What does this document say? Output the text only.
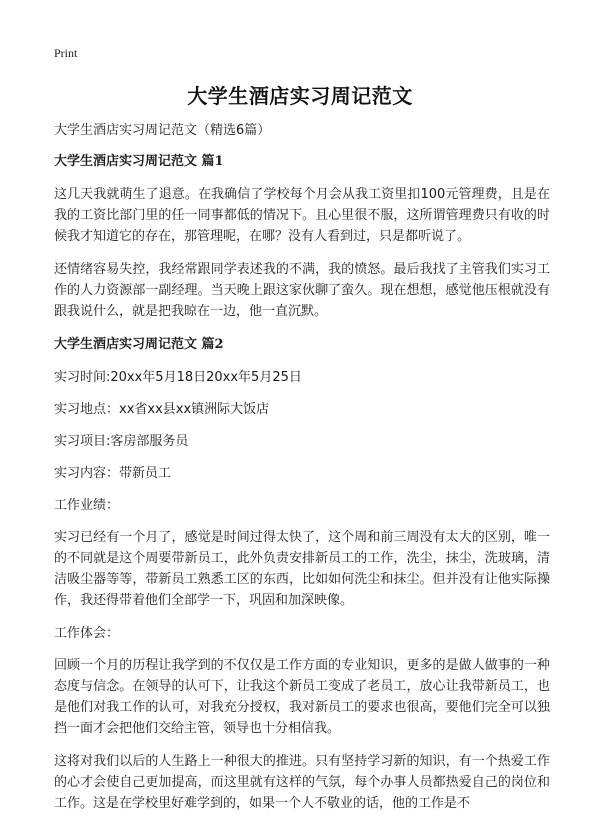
Print
大学生酒店实习周记范文

大学生酒店实习周记范文（精选6篇）

大学生酒店实习周记范文 篇1

这几天我就萌生了退意。在我确信了学校每个月会从我工资里扣100元管理费，且是在我的工资比部门里的任一同事都低的情况下。且心里很不服，这所谓管理费只有收的时候我才知道它的存在，那管理呢，在哪？没有人看到过，只是都听说了。

还情绪容易失控，我经常跟同学表述我的不满，我的愤怒。最后我找了主管我们实习工作的人力资源部一副经理。当天晚上跟这家伙聊了蛮久。现在想想，感觉他压根就没有跟我说什么，就是把我晾在一边，他一直沉默。

大学生酒店实习周记范文 篇2

实习时间:20xx年5月18日20xx年5月25日

实习地点：xx省xx县xx镇洲际大饭店

实习项目:客房部服务员

实习内容：带新员工

工作业绩：

实习已经有一个月了，感觉是时间过得太快了，这个周和前三周没有太大的区别，唯一的不同就是这个周要带新员工，此外负责安排新员工的工作，洗尘，抹尘，洗玻璃，清洁吸尘器等等，带新员工熟悉工区的东西，比如如何洗尘和抹尘。但并没有让他实际操作，我还得带着他们全部学一下，巩固和加深映像。

工作体会：

回顾一个月的历程让我学到的不仅仅是工作方面的专业知识，更多的是做人做事的一种态度与信念。在领导的认可下，让我这个新员工变成了老员工，放心让我带新员工，也是他们对我工作的认可，对我充分授权，我对新员工的要求也很高，要他们完全可以独挡一面才会把他们交给主管，领导也十分相信我。

这将对我们以后的人生路上一种很大的推进。只有坚持学习新的知识，有一个热爱工作的心才会使自己更加提高，而这里就有这样的气氛，每个办事人员都热爱自己的岗位和工作。这是在学校里好难学到的，如果一个人不敬业的话，他的工作是不
